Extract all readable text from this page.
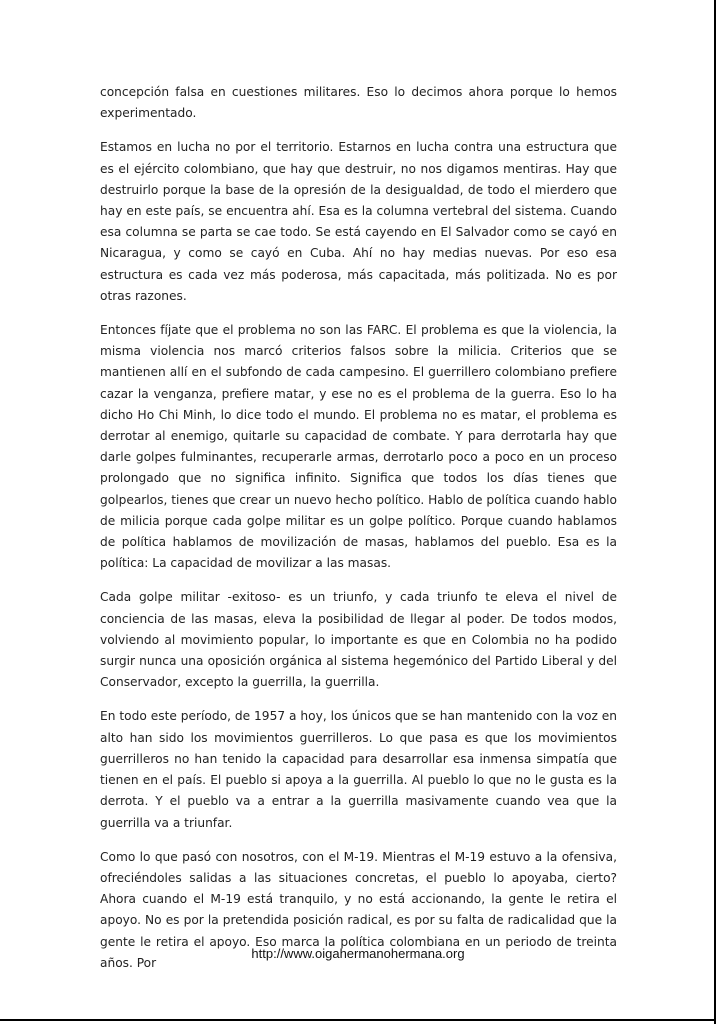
concepción falsa en cuestiones militares. Eso lo decimos ahora porque lo hemos experimentado.

Estamos en lucha no por el territorio. Estarnos en lucha contra una estructura que es el ejército colombiano, que hay que destruir, no nos digamos mentiras. Hay que destruirlo porque la base de la opresión de la desigualdad, de todo el mierdero que hay en este país, se encuentra ahí. Esa es la columna vertebral del sistema. Cuando esa columna se parta se cae todo. Se está cayendo en El Salvador como se cayó en Nicaragua, y como se cayó en Cuba. Ahí no hay medias nuevas. Por eso esa estructura es cada vez más poderosa, más capacitada, más politizada. No es por otras razones.

Entonces fíjate que el problema no son las FARC. El problema es que la violencia, la misma violencia nos marcó criterios falsos sobre la milicia. Criterios que se mantienen allí en el subfondo de cada campesino. El guerrillero colombiano prefiere cazar la venganza, prefiere matar, y ese no es el problema de la guerra. Eso lo ha dicho Ho Chi Minh, lo dice todo el mundo. El problema no es matar, el problema es derrotar al enemigo, quitarle su capacidad de combate. Y para derrotarla hay que darle golpes fulminantes, recuperarle armas, derrotarlo poco a poco en un proceso prolongado que no significa infinito. Significa que todos los días tienes que golpearlos, tienes que crear un nuevo hecho político. Hablo de política cuando hablo de milicia porque cada golpe militar es un golpe político. Porque cuando hablamos de política hablamos de movilización de masas, hablamos del pueblo. Esa es la política: La capacidad de movilizar a las masas.

Cada golpe militar -exitoso- es un triunfo, y cada triunfo te eleva el nivel de conciencia de las masas, eleva la posibilidad de llegar al poder. De todos modos, volviendo al movimiento popular, lo importante es que en Colombia no ha podido surgir nunca una oposición orgánica al sistema hegemónico del Partido Liberal y del Conservador, excepto la guerrilla, la guerrilla.

En todo este período, de 1957 a hoy, los únicos que se han mantenido con la voz en alto han sido los movimientos guerrilleros. Lo que pasa es que los movimientos guerrilleros no han tenido la capacidad para desarrollar esa inmensa simpatía que tienen en el país. El pueblo si apoya a la guerrilla. Al pueblo lo que no le gusta es la derrota. Y el pueblo va a entrar a la guerrilla masivamente cuando vea que la guerrilla va a triunfar.

Como lo que pasó con nosotros, con el M-19. Mientras el M-19 estuvo a la ofensiva, ofreciéndoles salidas a las situaciones concretas, el pueblo lo apoyaba, cierto? Ahora cuando el M-19 está tranquilo, y no está accionando, la gente le retira el apoyo. No es por la pretendida posición radical, es por su falta de radicalidad que la gente le retira el apoyo. Eso marca la política colombiana en un periodo de treinta años. Por

http://www.oigahermanohermana.org
